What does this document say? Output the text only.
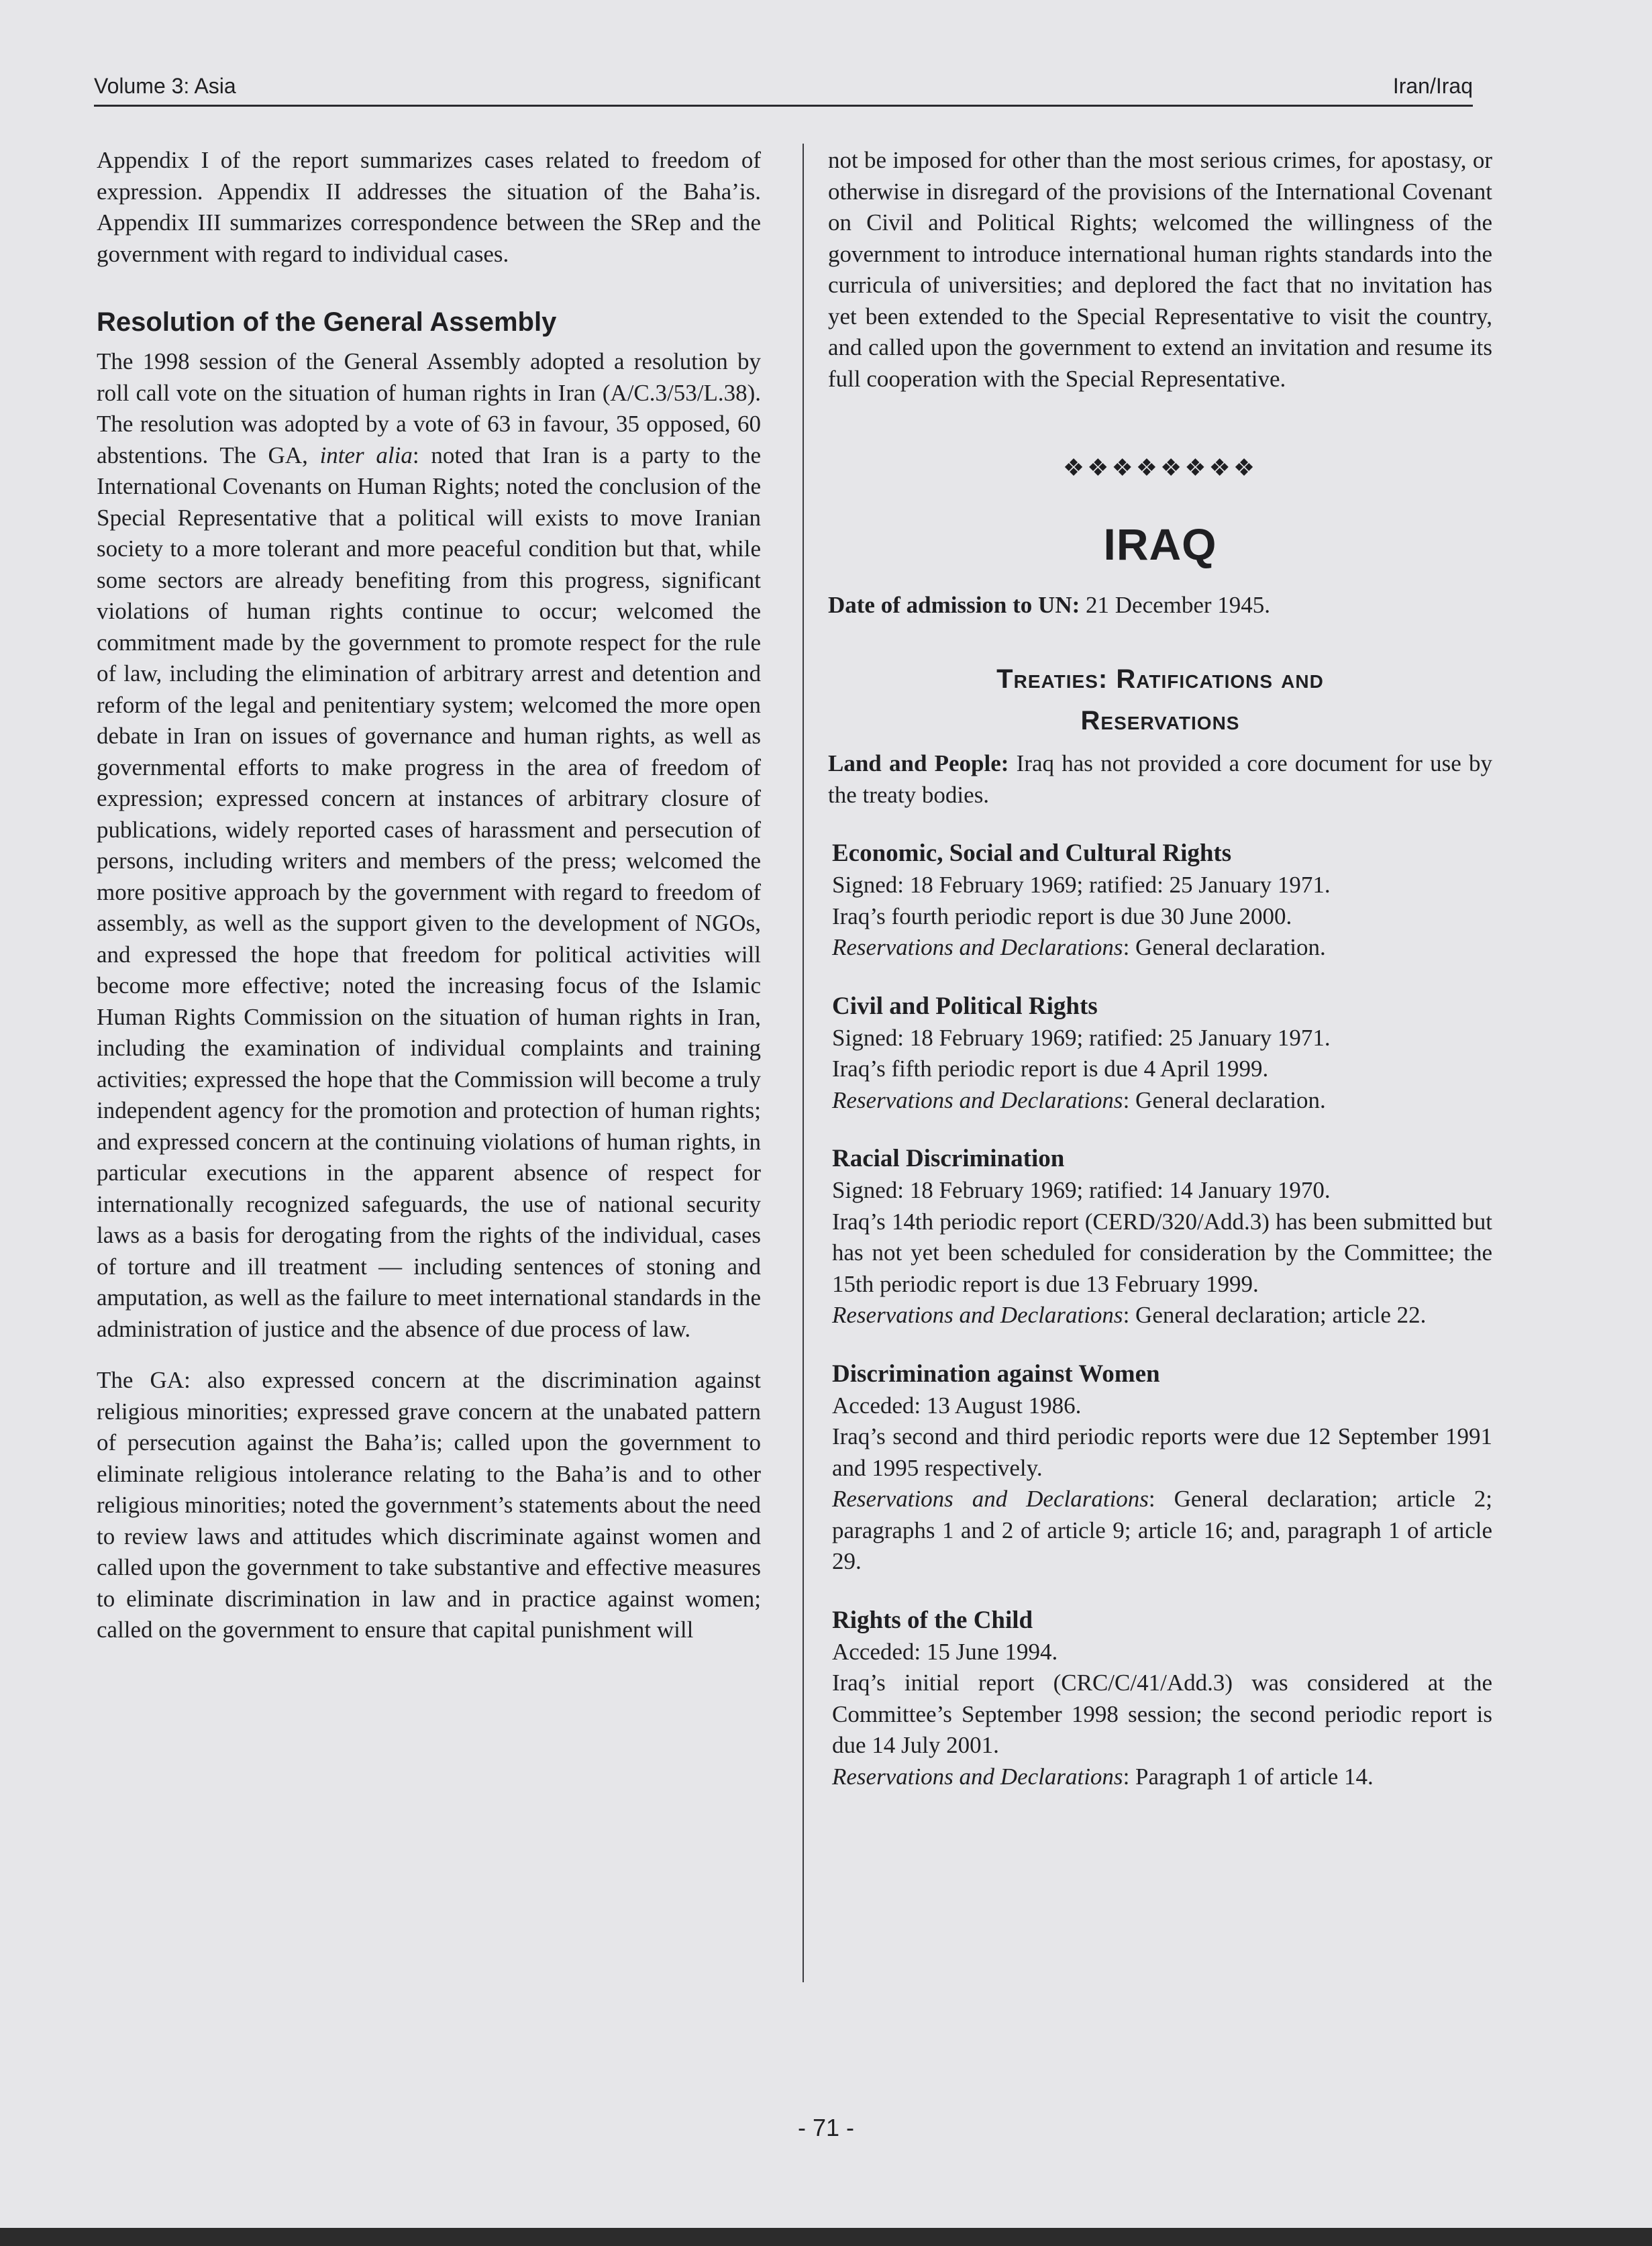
Volume 3: Asia	Iran/Iraq

Appendix I of the report summarizes cases related to freedom of expression. Appendix II addresses the situation of the Baha’is. Appendix III summarizes correspondence between the SRep and the government with regard to individual cases.

Resolution of the General Assembly

The 1998 session of the General Assembly adopted a resolution by roll call vote on the situation of human rights in Iran (A/C.3/53/L.38). The resolution was adopted by a vote of 63 in favour, 35 opposed, 60 abstentions. The GA, inter alia: noted that Iran is a party to the International Covenants on Human Rights; noted the conclusion of the Special Representative that a political will exists to move Iranian society to a more tolerant and more peaceful condition but that, while some sectors are already benefiting from this progress, significant violations of human rights continue to occur; welcomed the commitment made by the government to promote respect for the rule of law, including the elimination of arbitrary arrest and detention and reform of the legal and penitentiary system; welcomed the more open debate in Iran on issues of governance and human rights, as well as governmental efforts to make progress in the area of freedom of expression; expressed concern at instances of arbitrary closure of publications, widely reported cases of harassment and persecution of persons, including writers and members of the press; welcomed the more positive approach by the government with regard to freedom of assembly, as well as the support given to the development of NGOs, and expressed the hope that freedom for political activities will become more effective; noted the increasing focus of the Islamic Human Rights Commission on the situation of human rights in Iran, including the examination of individual complaints and training activities; expressed the hope that the Commission will become a truly independent agency for the promotion and protection of human rights; and expressed concern at the continuing violations of human rights, in particular executions in the apparent absence of respect for internationally recognized safeguards, the use of national security laws as a basis for derogating from the rights of the individual, cases of torture and ill treatment — including sentences of stoning and amputation, as well as the failure to meet international standards in the administration of justice and the absence of due process of law.

The GA: also expressed concern at the discrimination against religious minorities; expressed grave concern at the unabated pattern of persecution against the Baha’is; called upon the government to eliminate religious intolerance relating to the Baha’is and to other religious minorities; noted the government’s statements about the need to review laws and attitudes which discriminate against women and called upon the government to take substantive and effective measures to eliminate discrimination in law and in practice against women; called on the government to ensure that capital punishment will

not be imposed for other than the most serious crimes, for apostasy, or otherwise in disregard of the provisions of the International Covenant on Civil and Political Rights; welcomed the willingness of the government to introduce international human rights standards into the curricula of universities; and deplored the fact that no invitation has yet been extended to the Special Representative to visit the country, and called upon the government to extend an invitation and resume its full cooperation with the Special Representative.

❖❖❖❖❖❖❖❖
IRAQ
Date of admission to UN: 21 December 1945.
Treaties: Ratifications and
Reservations

Land and People: Iraq has not provided a core document for use by the treaty bodies.

Economic, Social and Cultural Rights
Signed: 18 February 1969; ratified: 25 January 1971.
Iraq’s fourth periodic report is due 30 June 2000.
Reservations and Declarations: General declaration.
Civil and Political Rights
Signed: 18 February 1969; ratified: 25 January 1971.
Iraq’s fifth periodic report is due 4 April 1999.
Reservations and Declarations: General declaration.
Racial Discrimination
Signed: 18 February 1969; ratified: 14 January 1970.
Iraq’s 14th periodic report (CERD/320/Add.3) has been submitted but has not yet been scheduled for consideration by the Committee; the 15th periodic report is due 13 February 1999.
Reservations and Declarations: General declaration; article 22.
Discrimination against Women
Acceded: 13 August 1986.
Iraq’s second and third periodic reports were due 12 September 1991 and 1995 respectively.
Reservations and Declarations: General declaration; article 2; paragraphs 1 and 2 of article 9; article 16; and, paragraph 1 of article 29.
Rights of the Child
Acceded: 15 June 1994.
Iraq’s initial report (CRC/C/41/Add.3) was considered at the Committee’s September 1998 session; the second periodic report is due 14 July 2001.
Reservations and Declarations: Paragraph 1 of article 14.
- 71 -
